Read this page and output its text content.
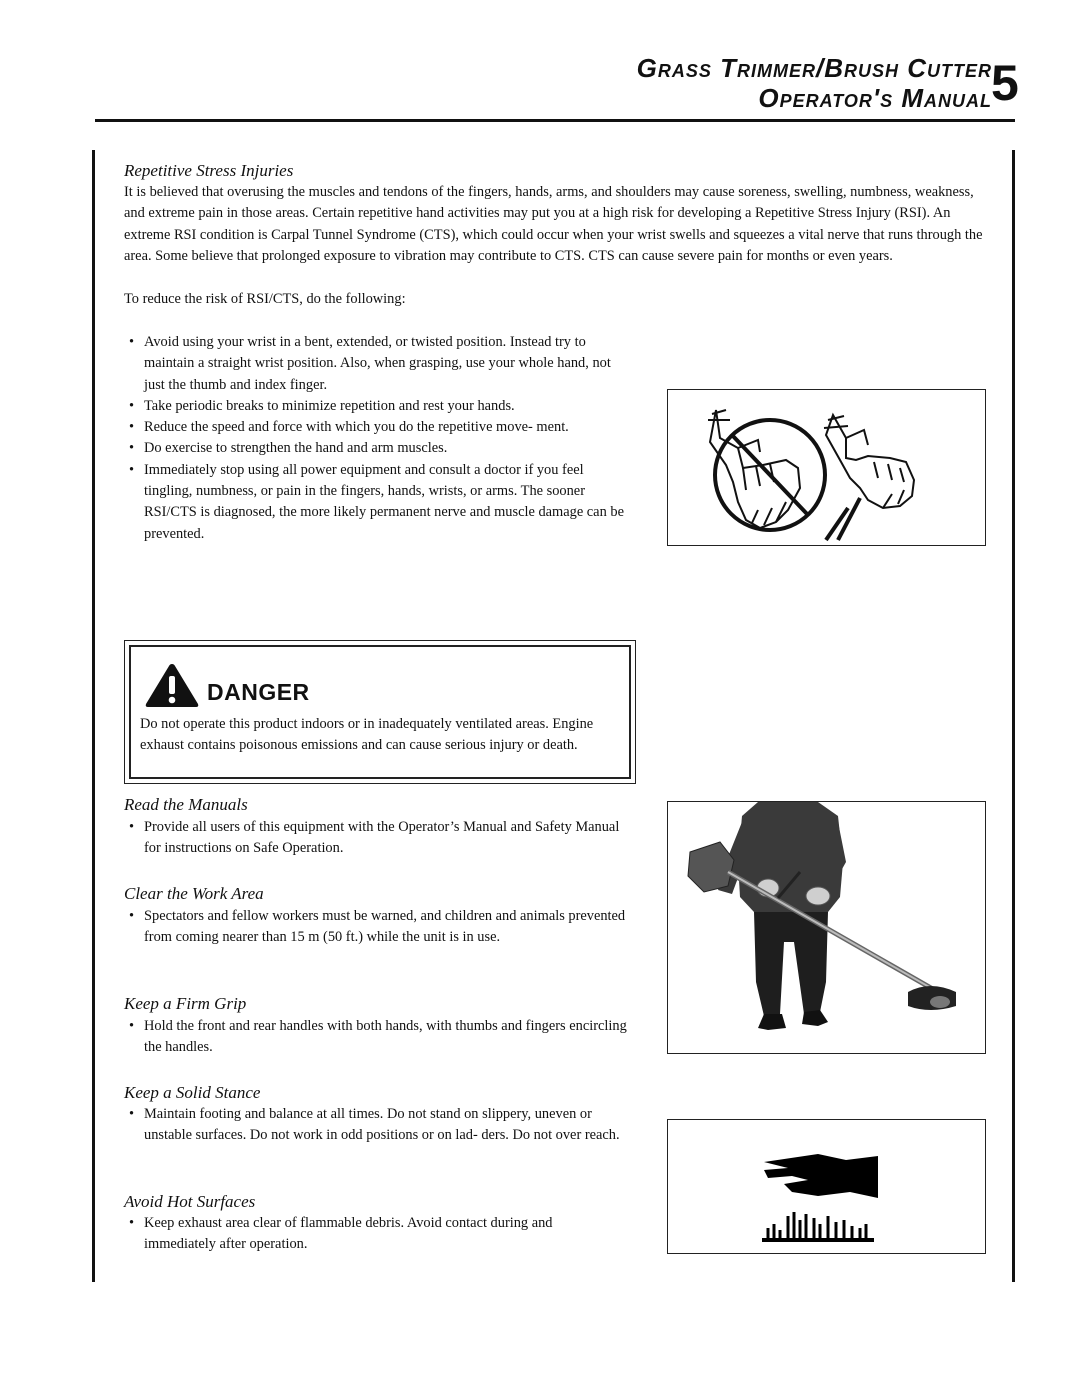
Grass Trimmer/Brush Cutter
Operator's Manual 5
Repetitive Stress Injuries

It is believed that overusing the muscles and tendons of the fingers, hands, arms, and shoulders may cause soreness, swelling, numbness, weakness, and extreme pain in those areas. Certain repetitive hand activities may put you at a high risk for developing a Repetitive Stress Injury (RSI). An extreme RSI condition is Carpal Tunnel Syndrome (CTS), which could occur when your wrist swells and squeezes a vital nerve that runs through the area. Some believe that prolonged exposure to vibration may contribute to CTS. CTS can cause severe pain for months or even years.

To reduce the risk of RSI/CTS, do the following:

• Avoid using your wrist in a bent, extended, or twisted position. Instead try to maintain a straight wrist position. Also, when grasping, use your whole hand, not just the thumb and index finger.
• Take periodic breaks to minimize repetition and rest your hands.
• Reduce the speed and force with which you do the repetitive move- ment.
• Do exercise to strengthen the hand and arm muscles.
• Immediately stop using all power equipment and consult a doctor if you feel tingling, numbness, or pain in the fingers, hands, wrists, or arms. The sooner RSI/CTS is diagnosed, the more likely permanent nerve and muscle damage can be prevented.
DANGER

Do not operate this product indoors or in inadequately ventilated areas. Engine exhaust contains poisonous emissions and can cause serious injury or death.

Read the Manuals
• Provide all users of this equipment with the Operator’s Manual and Safety Manual for instructions on Safe Operation.
Clear the Work Area
• Spectators and fellow workers must be warned, and children and animals prevented from coming nearer than 15 m (50 ft.) while the unit is in use.
Keep a Firm Grip
• Hold the front and rear handles with both hands, with thumbs and fingers encircling the handles.
Keep a Solid Stance
• Maintain footing and balance at all times. Do not stand on slippery, uneven or unstable surfaces. Do not work in odd positions or on lad- ders. Do not over reach.
Avoid Hot Surfaces
• Keep exhaust area clear of flammable debris. Avoid contact during and immediately after operation.
